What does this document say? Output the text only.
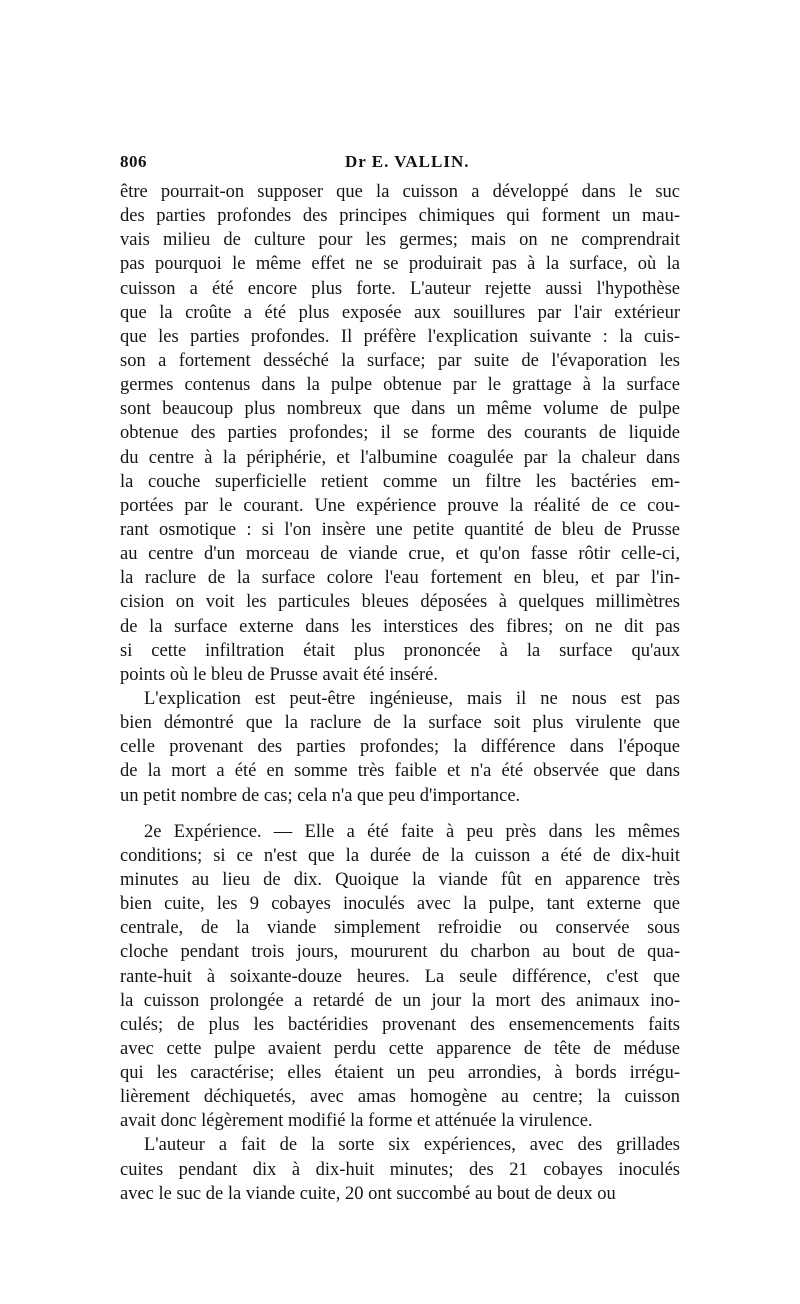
806	Dr E. VALLIN.
être pourrait-on supposer que la cuisson a développé dans le suc
des parties profondes des principes chimiques qui forment un mau-
vais milieu de culture pour les germes; mais on ne comprendrait
pas pourquoi le même effet ne se produirait pas à la surface, où la
cuisson a été encore plus forte. L'auteur rejette aussi l'hypothèse
que la croûte a été plus exposée aux souillures par l'air extérieur
que les parties profondes. Il préfère l'explication suivante : la cuis-
son a fortement desséché la surface; par suite de l'évaporation les
germes contenus dans la pulpe obtenue par le grattage à la surface
sont beaucoup plus nombreux que dans un même volume de pulpe
obtenue des parties profondes; il se forme des courants de liquide
du centre à la périphérie, et l'albumine coagulée par la chaleur dans
la couche superficielle retient comme un filtre les bactéries em-
portées par le courant. Une expérience prouve la réalité de ce cou-
rant osmotique : si l'on insère une petite quantité de bleu de Prusse
au centre d'un morceau de viande crue, et qu'on fasse rôtir celle-ci,
la raclure de la surface colore l'eau fortement en bleu, et par l'in-
cision on voit les particules bleues déposées à quelques millimètres
de la surface externe dans les interstices des fibres; on ne dit pas
si cette infiltration était plus prononcée à la surface qu'aux
points où le bleu de Prusse avait été inséré.
L'explication est peut-être ingénieuse, mais il ne nous est pas
bien démontré que la raclure de la surface soit plus virulente que
celle provenant des parties profondes; la différence dans l'époque
de la mort a été en somme très faible et n'a été observée que dans
un petit nombre de cas; cela n'a que peu d'importance.
2e Expérience. — Elle a été faite à peu près dans les mêmes
conditions; si ce n'est que la durée de la cuisson a été de dix-huit
minutes au lieu de dix. Quoique la viande fût en apparence très
bien cuite, les 9 cobayes inoculés avec la pulpe, tant externe que
centrale, de la viande simplement refroidie ou conservée sous
cloche pendant trois jours, moururent du charbon au bout de qua-
rante-huit à soixante-douze heures. La seule différence, c'est que
la cuisson prolongée a retardé de un jour la mort des animaux ino-
culés; de plus les bactéridies provenant des ensemencements faits
avec cette pulpe avaient perdu cette apparence de tête de méduse
qui les caractérise; elles étaient un peu arrondies, à bords irrégu-
lièrement déchiquetés, avec amas homogène au centre; la cuisson
avait donc légèrement modifié la forme et atténuée la virulence.
L'auteur a fait de la sorte six expériences, avec des grillades
cuites pendant dix à dix-huit minutes; des 21 cobayes inoculés
avec le suc de la viande cuite, 20 ont succombé au bout de deux ou
